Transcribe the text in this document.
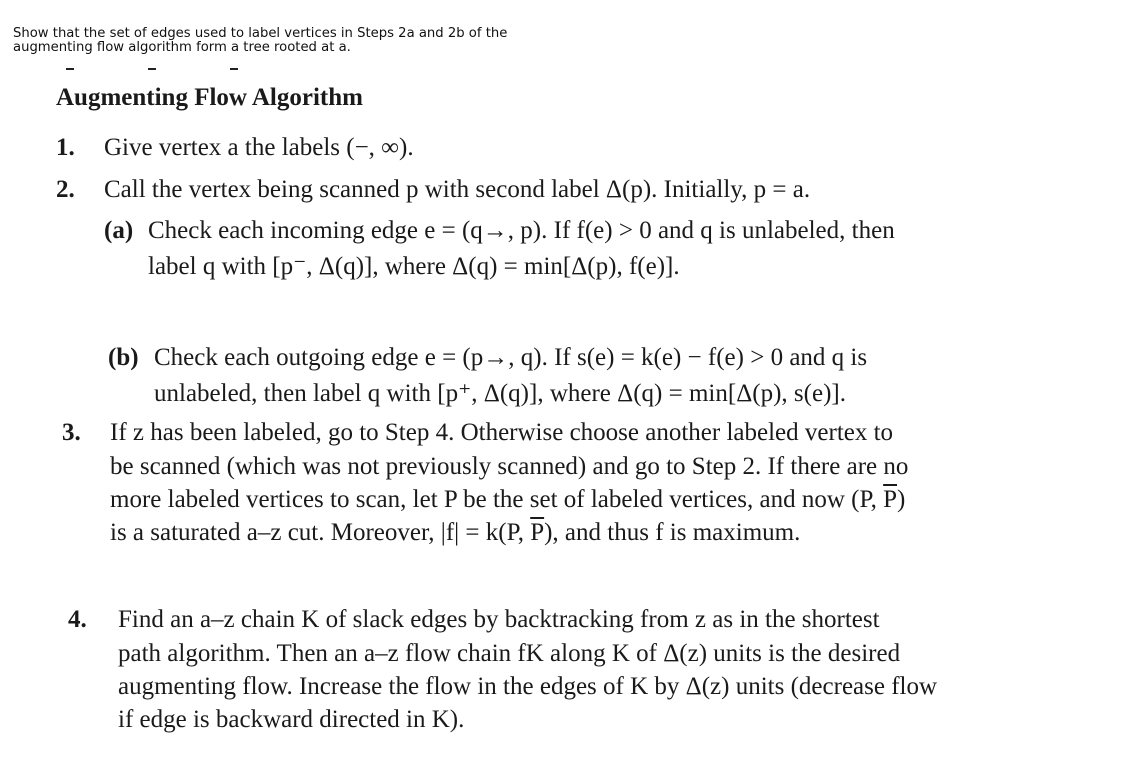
Show that the set of edges used to label vertices in Steps 2a and 2b of the
augmenting flow algorithm form a tree rooted at a.
Augmenting Flow Algorithm
1. Give vertex a the labels (−, ∞).
2. Call the vertex being scanned p with second label Δ(p). Initially, p = a.
(a) Check each incoming edge e = (q→, p). If f(e) > 0 and q is unlabeled, then
label q with [p⁻, Δ(q)], where Δ(q) = min[Δ(p), f(e)].
(b) Check each outgoing edge e = (p→, q). If s(e) = k(e) − f(e) > 0 and q is
unlabeled, then label q with [p⁺, Δ(q)], where Δ(q) = min[Δ(p), s(e)].
3. If z has been labeled, go to Step 4. Otherwise choose another labeled vertex to
be scanned (which was not previously scanned) and go to Step 2. If there are no
more labeled vertices to scan, let P be the set of labeled vertices, and now (P, $\overline{P}$)
is a saturated a–z cut. Moreover, |f| = k(P, $\overline{P}$), and thus f is maximum.
4. Find an a–z chain K of slack edges by backtracking from z as in the shortest
path algorithm. Then an a–z flow chain fK along K of Δ(z) units is the desired
augmenting flow. Increase the flow in the edges of K by Δ(z) units (decrease flow
if edge is backward directed in K).
